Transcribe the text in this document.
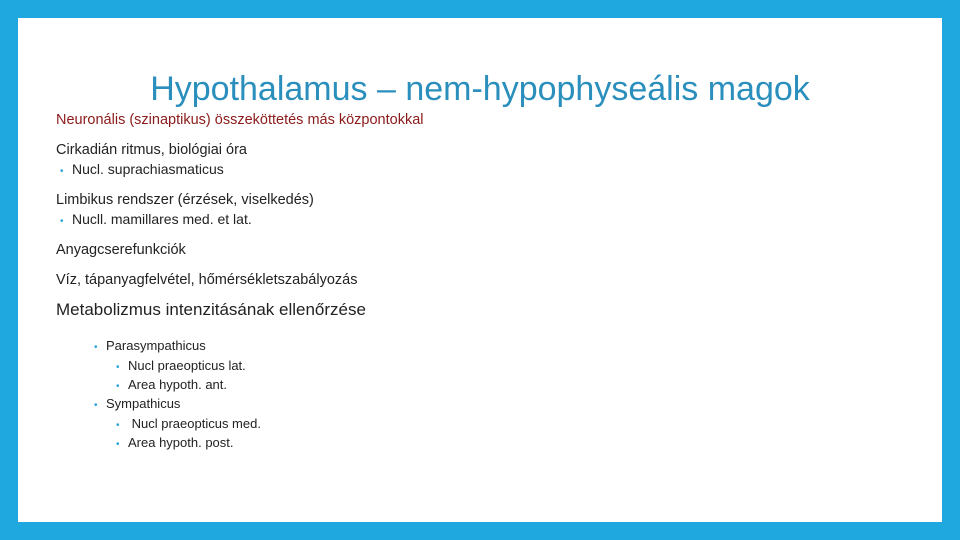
Hypothalamus – nem-hypophyseális magok
Neuronális (szinaptikus) összeköttetés más központokkal
Cirkadián ritmus, biológiai óra
• Nucl. suprachiasmaticus
Limbikus rendszer (érzések, viselkedés)
• Nucll. mamillares med. et lat.
Anyagcserefunkciók
Víz, tápanyagfelvétel, hőmérsékletszabályozás
Metabolizmus intenzitásának ellenőrzése
• Parasympathicus
• Nucl praeopticus lat.
• Area hypoth. ant.
• Sympathicus
• Nucl praeopticus med.
• Area hypoth. post.
